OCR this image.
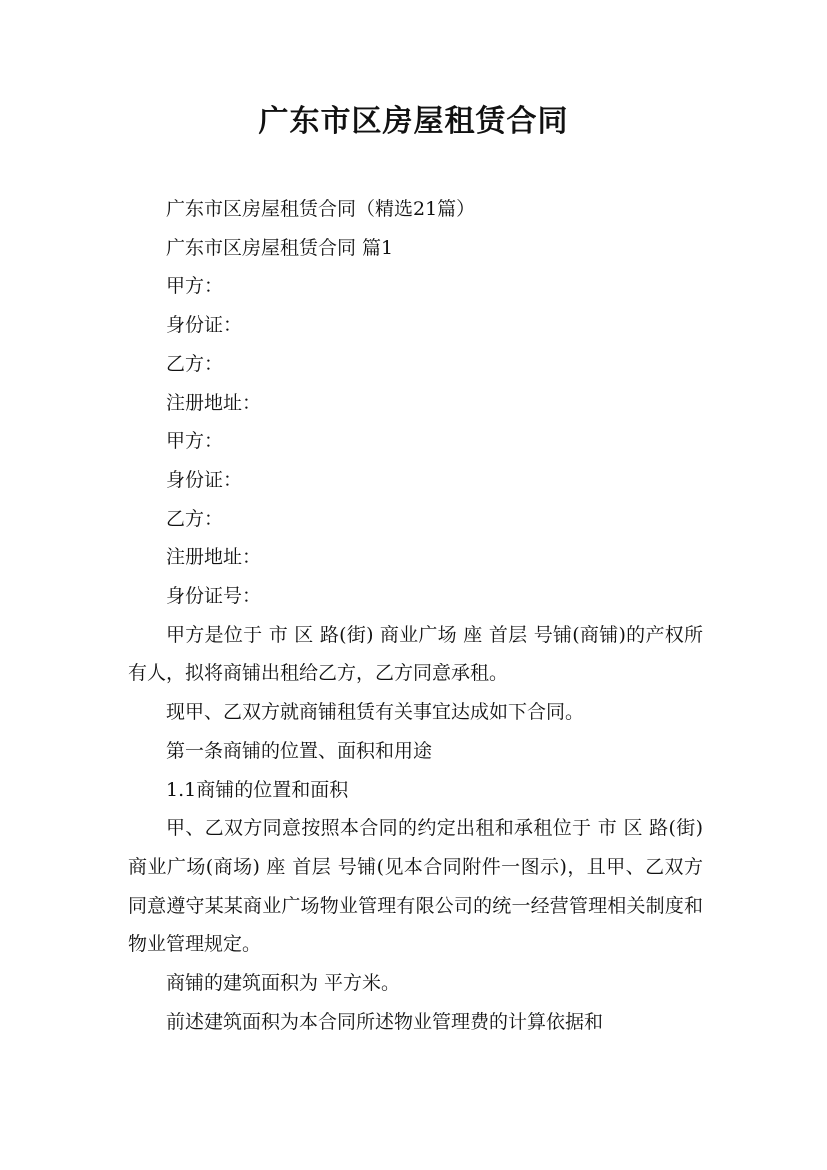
广东市区房屋租赁合同

广东市区房屋租赁合同（精选21篇）

广东市区房屋租赁合同 篇1

甲方：

身份证：

乙方：

注册地址：

甲方：

身份证：

乙方：

注册地址：

身份证号：

甲方是位于 市 区 路(街) 商业广场 座 首层 号铺(商铺)的产权所有人，拟将商铺出租给乙方，乙方同意承租。

现甲、乙双方就商铺租赁有关事宜达成如下合同。

第一条商铺的位置、面积和用途

1.1商铺的位置和面积

甲、乙双方同意按照本合同的约定出租和承租位于 市 区 路(街) 商业广场(商场) 座 首层 号铺(见本合同附件一图示)，且甲、乙双方同意遵守某某商业广场物业管理有限公司的统一经营管理相关制度和物业管理规定。

商铺的建筑面积为 平方米。

前述建筑面积为本合同所述物业管理费的计算依据和
